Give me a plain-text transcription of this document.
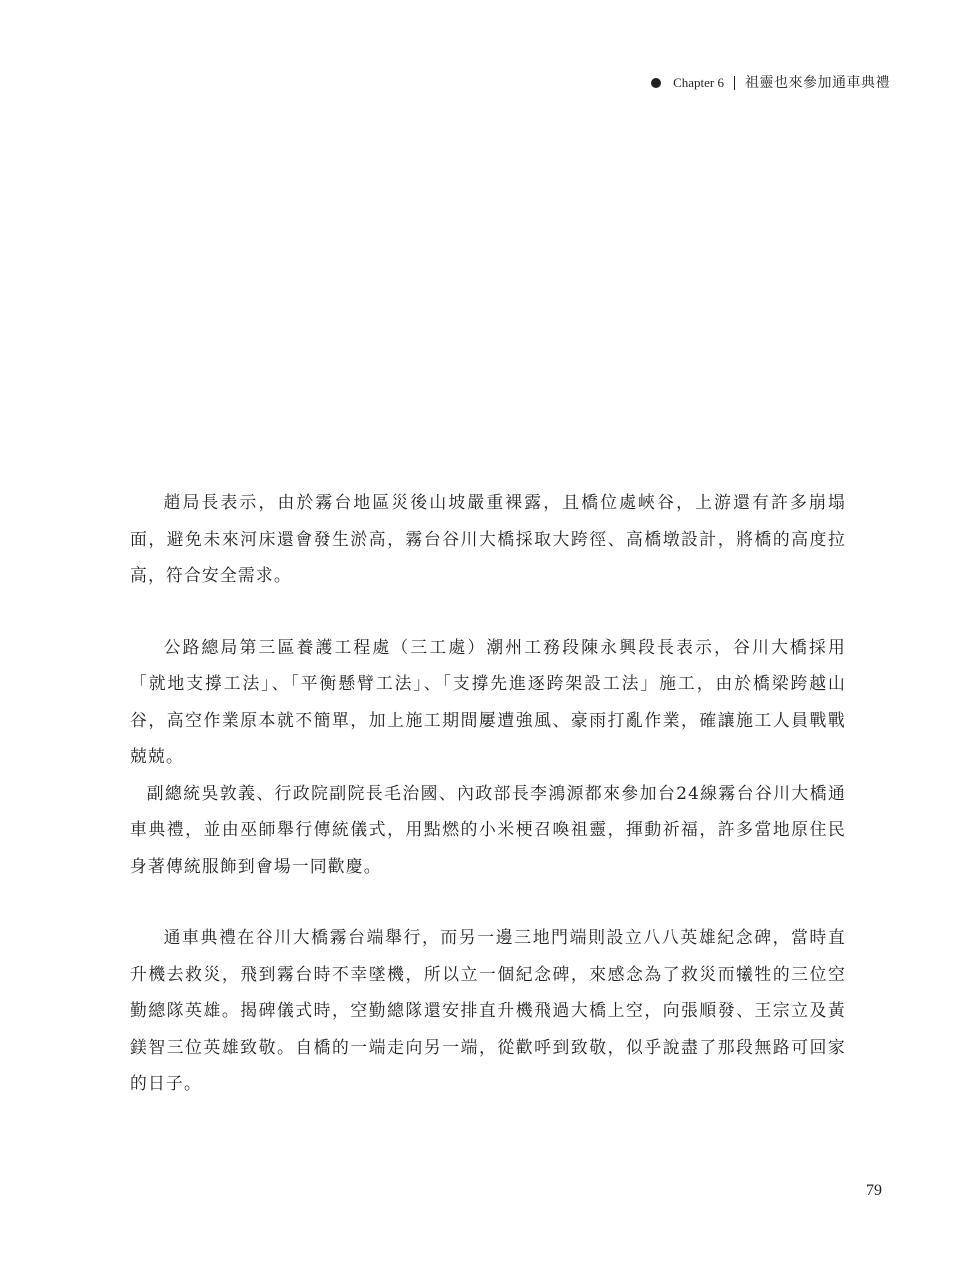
Chapter 6 祖靈也來參加通車典禮

趙局長表示，由於霧台地區災後山坡嚴重裸露，且橋位處峽谷，上游還有許多崩塌面，避免未來河床還會發生淤高，霧台谷川大橋採取大跨徑、高橋墩設計，將橋的高度拉高，符合安全需求。

公路總局第三區養護工程處（三工處）潮州工務段陳永興段長表示，谷川大橋採用「就地支撐工法」、「平衡懸臂工法」、「支撐先進逐跨架設工法」施工，由於橋梁跨越山谷，高空作業原本就不簡單，加上施工期間屢遭強風、豪雨打亂作業，確讓施工人員戰戰兢兢。

副總統吳敦義、行政院副院長毛治國、內政部長李鴻源都來參加台24線霧台谷川大橋通車典禮，並由巫師舉行傳統儀式，用點燃的小米梗召喚祖靈，揮動祈福，許多當地原住民身著傳統服飾到會場一同歡慶。

通車典禮在谷川大橋霧台端舉行，而另一邊三地門端則設立八八英雄紀念碑，當時直升機去救災，飛到霧台時不幸墜機，所以立一個紀念碑，來感念為了救災而犧牲的三位空勤總隊英雄。揭碑儀式時，空勤總隊還安排直升機飛過大橋上空，向張順發、王宗立及黃鎂智三位英雄致敬。自橋的一端走向另一端，從歡呼到致敬，似乎說盡了那段無路可回家的日子。

79
